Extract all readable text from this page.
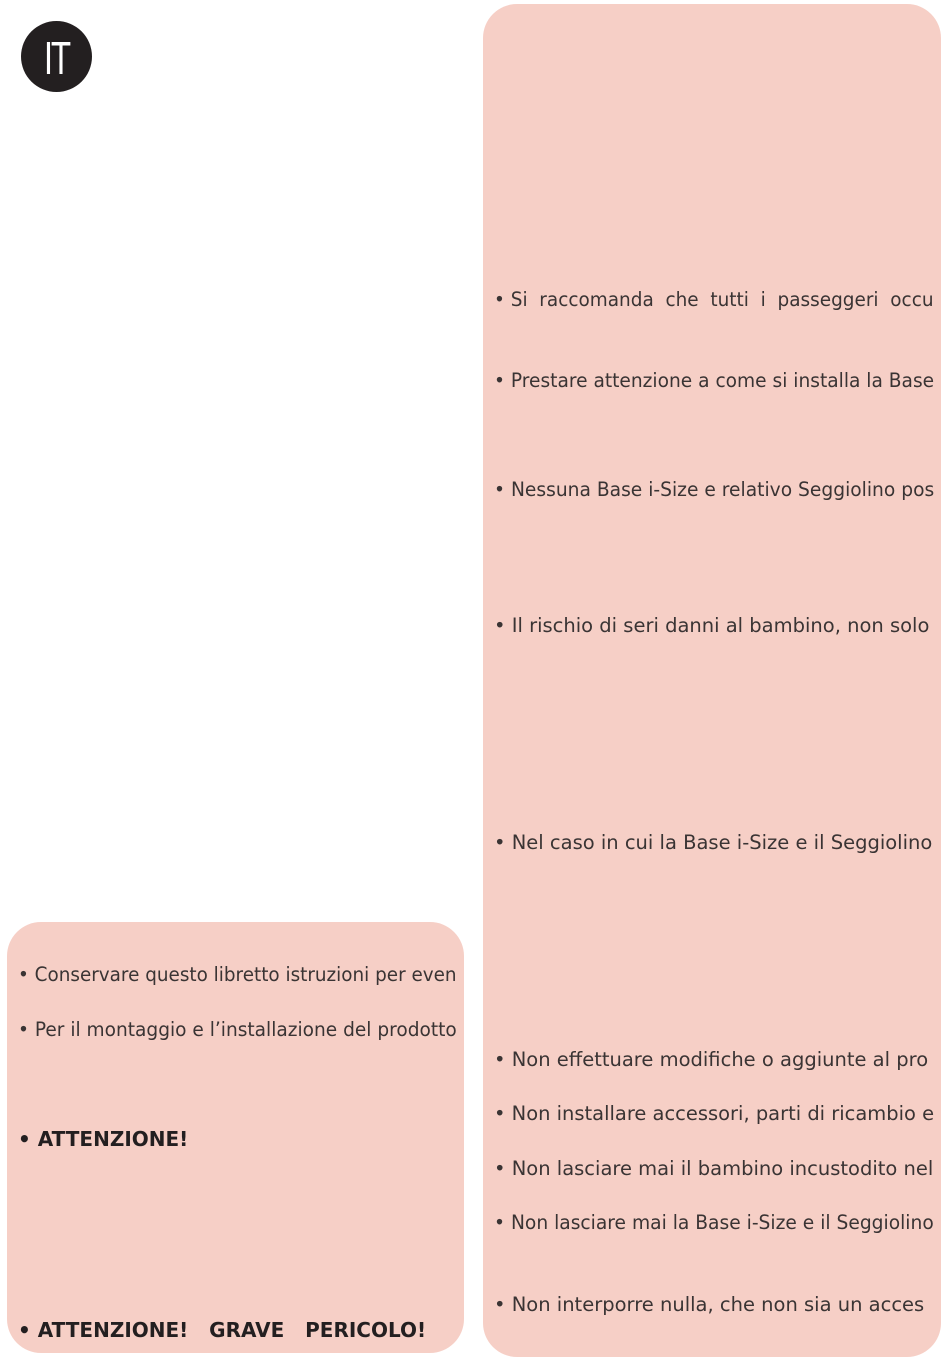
IT
• Si  raccomanda  che  tutti  i  passeggeri  occu
• Prestare attenzione a come si installa la Base
• Nessuna Base i-Size e relativo Seggiolino pos
• Il rischio di seri danni al bambino, non solo
• Nel caso in cui la Base i-Size e il Seggiolino
• Non effettuare modifiche o aggiunte al pro
• Non installare accessori, parti di ricambio e
• Non lasciare mai il bambino incustodito nel
• Non lasciare mai la Base i-Size e il Seggiolino
• Non interporre nulla, che non sia un acces
• Conservare questo libretto istruzioni per even
• Per il montaggio e l’installazione del prodotto
• ATTENZIONE!
• ATTENZIONE!   GRAVE   PERICOLO!
